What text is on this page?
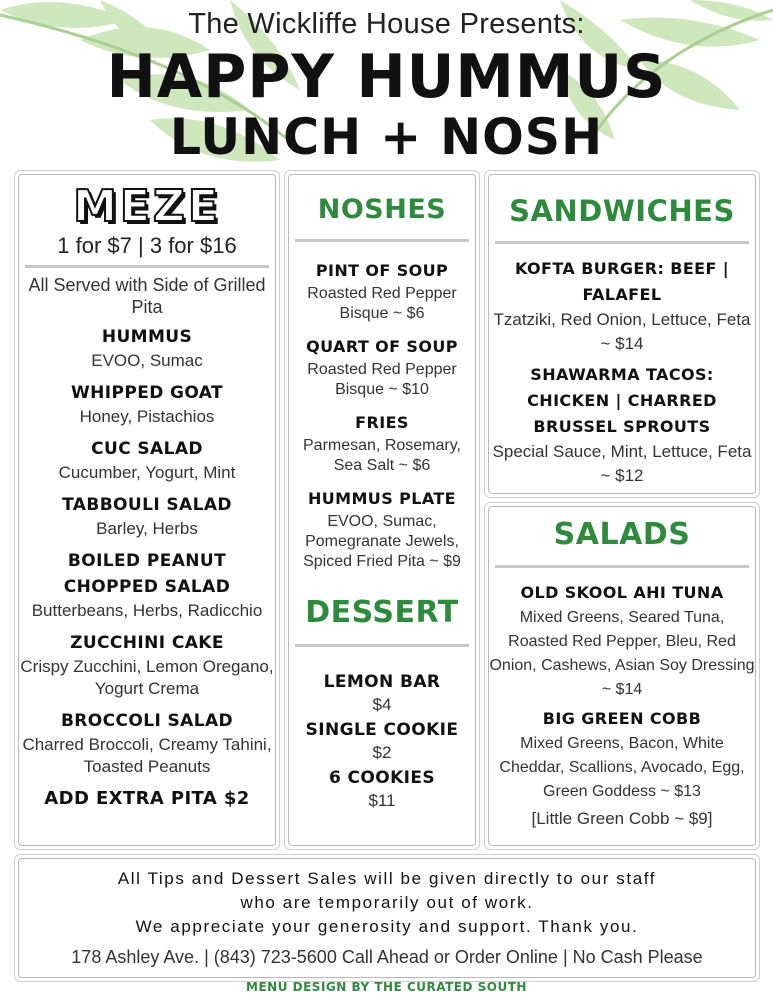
The Wickliffe House Presents:
HAPPY HUMMUS
LUNCH + NOSH
MEZE
1 for $7 | 3 for $16
All Served with Side of Grilled Pita
HUMMUS
EVOO, Sumac
WHIPPED GOAT
Honey, Pistachios
CUC SALAD
Cucumber, Yogurt, Mint
TABBOULI SALAD
Barley, Herbs
BOILED PEANUT CHOPPED SALAD
Butterbeans, Herbs, Radicchio
ZUCCHINI CAKE
Crispy Zucchini, Lemon Oregano, Yogurt Crema
BROCCOLI SALAD
Charred Broccoli, Creamy Tahini, Toasted Peanuts
ADD EXTRA PITA $2
NOSHES
PINT OF SOUP
Roasted Red Pepper Bisque ~ $6
QUART OF SOUP
Roasted Red Pepper Bisque ~ $10
FRIES
Parmesan, Rosemary, Sea Salt ~ $6
HUMMUS PLATE
EVOO, Sumac, Pomegranate Jewels, Spiced Fried Pita ~ $9
DESSERT
LEMON BAR
$4
SINGLE COOKIE
$2
6 COOKIES
$11
SANDWICHES
KOFTA BURGER: BEEF | FALAFEL
Tzatziki, Red Onion, Lettuce, Feta ~ $14
SHAWARMA TACOS: CHICKEN | CHARRED BRUSSEL SPROUTS
Special Sauce, Mint, Lettuce, Feta ~ $12
SALADS
OLD SKOOL AHI TUNA
Mixed Greens, Seared Tuna, Roasted Red Pepper, Bleu, Red Onion, Cashews, Asian Soy Dressing ~ $14
BIG GREEN COBB
Mixed Greens, Bacon, White Cheddar, Scallions, Avocado, Egg, Green Goddess ~ $13
[Little Green Cobb ~ $9]
All Tips and Dessert Sales will be given directly to our staff
who are temporarily out of work.
We appreciate your generosity and support. Thank you.
178 Ashley Ave. | (843) 723-5600 Call Ahead or Order Online | No Cash Please
MENU DESIGN BY THE CURATED SOUTH
